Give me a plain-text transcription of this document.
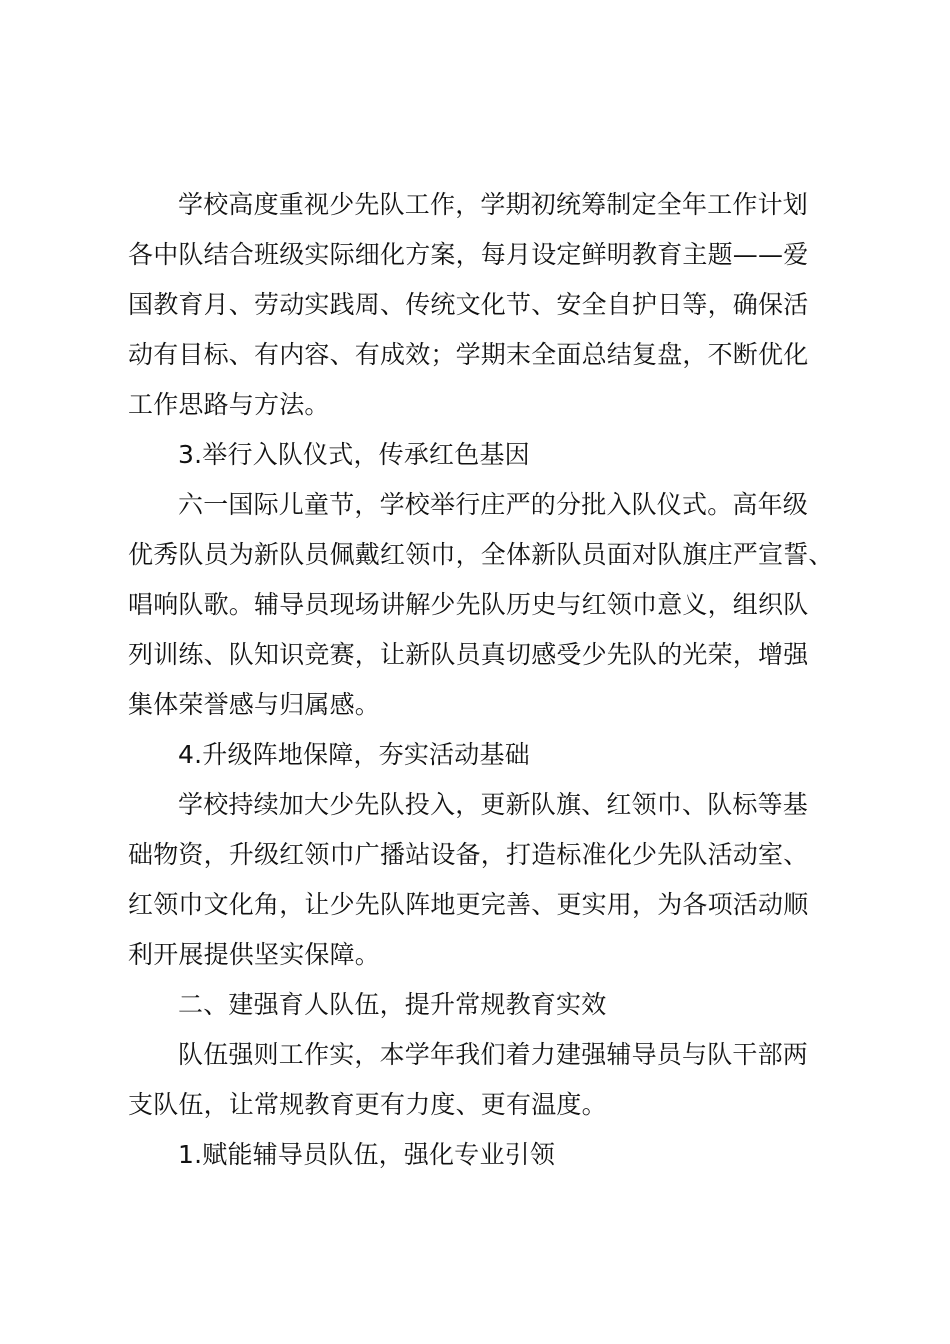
学校高度重视少先队工作，学期初统筹制定全年工作计划
各中队结合班级实际细化方案，每月设定鲜明教育主题——爱
国教育月、劳动实践周、传统文化节、安全自护日等，确保活
动有目标、有内容、有成效；学期末全面总结复盘，不断优化
工作思路与方法。
3.举行入队仪式，传承红色基因
六一国际儿童节，学校举行庄严的分批入队仪式。高年级
优秀队员为新队员佩戴红领巾，全体新队员面对队旗庄严宣誓、
唱响队歌。辅导员现场讲解少先队历史与红领巾意义，组织队
列训练、队知识竞赛，让新队员真切感受少先队的光荣，增强
集体荣誉感与归属感。
4.升级阵地保障，夯实活动基础
学校持续加大少先队投入，更新队旗、红领巾、队标等基
础物资，升级红领巾广播站设备，打造标准化少先队活动室、
红领巾文化角，让少先队阵地更完善、更实用，为各项活动顺
利开展提供坚实保障。
二、建强育人队伍，提升常规教育实效
队伍强则工作实，本学年我们着力建强辅导员与队干部两
支队伍，让常规教育更有力度、更有温度。
1.赋能辅导员队伍，强化专业引领
